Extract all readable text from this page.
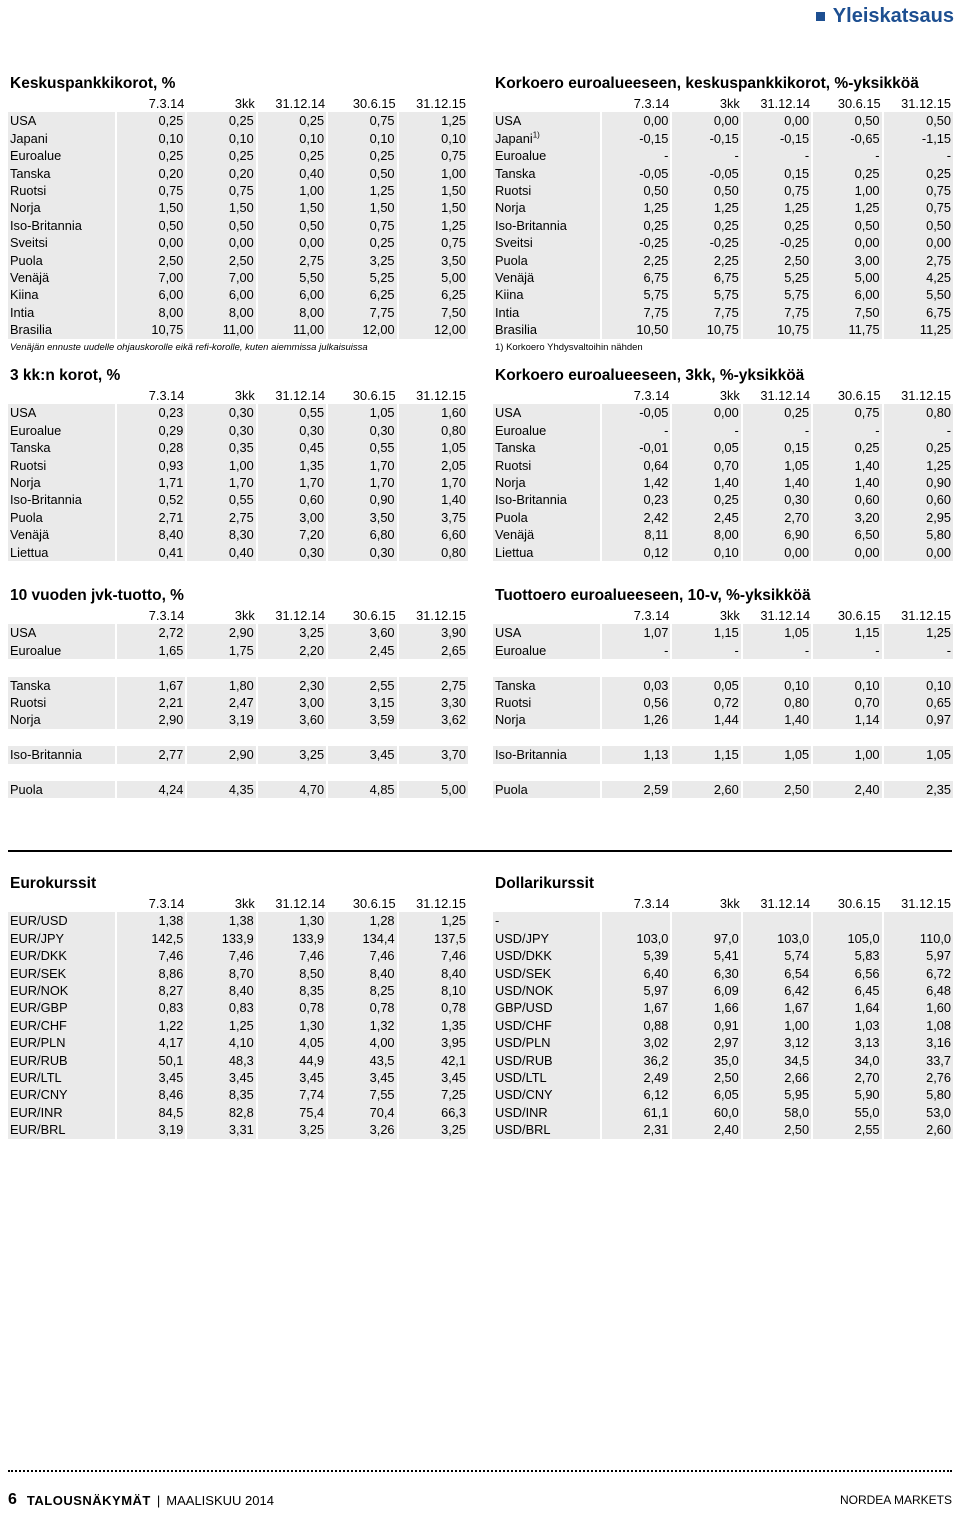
Yleiskatsaus
Keskuspankkikorot, %
	7.3.14	3kk	31.12.14	30.6.15	31.12.15
USA	0,25	0,25	0,25	0,75	1,25
Japani	0,10	0,10	0,10	0,10	0,10
Euroalue	0,25	0,25	0,25	0,25	0,75
Tanska	0,20	0,20	0,40	0,50	1,00
Ruotsi	0,75	0,75	1,00	1,25	1,50
Norja	1,50	1,50	1,50	1,50	1,50
Iso-Britannia	0,50	0,50	0,50	0,75	1,25
Sveitsi	0,00	0,00	0,00	0,25	0,75
Puola	2,50	2,50	2,75	3,25	3,50
Venäjä	7,00	7,00	5,50	5,25	5,00
Kiina	6,00	6,00	6,00	6,25	6,25
Intia	8,00	8,00	8,00	7,75	7,50
Brasilia	10,75	11,00	11,00	12,00	12,00
Venäjän ennuste uudelle ohjauskorolle eikä refi-korolle, kuten aiemmissa julkaisuissa
3 kk:n korot, %
	7.3.14	3kk	31.12.14	30.6.15	31.12.15
USA	0,23	0,30	0,55	1,05	1,60
Euroalue	0,29	0,30	0,30	0,30	0,80
Tanska	0,28	0,35	0,45	0,55	1,05
Ruotsi	0,93	1,00	1,35	1,70	2,05
Norja	1,71	1,70	1,70	1,70	1,70
Iso-Britannia	0,52	0,55	0,60	0,90	1,40
Puola	2,71	2,75	3,00	3,50	3,75
Venäjä	8,40	8,30	7,20	6,80	6,60
Liettua	0,41	0,40	0,30	0,30	0,80
10 vuoden jvk-tuotto, %
	7.3.14	3kk	31.12.14	30.6.15	31.12.15
USA	2,72	2,90	3,25	3,60	3,90
Euroalue	1,65	1,75	2,20	2,45	2,65

Tanska	1,67	1,80	2,30	2,55	2,75
Ruotsi	2,21	2,47	3,00	3,15	3,30
Norja	2,90	3,19	3,60	3,59	3,62

Iso-Britannia	2,77	2,90	3,25	3,45	3,70

Puola	4,24	4,35	4,70	4,85	5,00
Korkoero euroalueeseen, keskuspankkikorot, %-yksikköä
	7.3.14	3kk	31.12.14	30.6.15	31.12.15
USA	0,00	0,00	0,00	0,50	0,50
Japani$^{1)}$	-0,15	-0,15	-0,15	-0,65	-1,15
Euroalue	-	-	-	-	-
Tanska	-0,05	-0,05	0,15	0,25	0,25
Ruotsi	0,50	0,50	0,75	1,00	0,75
Norja	1,25	1,25	1,25	1,25	0,75
Iso-Britannia	0,25	0,25	0,25	0,50	0,50
Sveitsi	-0,25	-0,25	-0,25	0,00	0,00
Puola	2,25	2,25	2,50	3,00	2,75
Venäjä	6,75	6,75	5,25	5,00	4,25
Kiina	5,75	5,75	5,75	6,00	5,50
Intia	7,75	7,75	7,75	7,50	6,75
Brasilia	10,50	10,75	10,75	11,75	11,25
1) Korkoero Yhdysvaltoihin nähden
Korkoero euroalueeseen, 3kk, %-yksikköä
	7.3.14	3kk	31.12.14	30.6.15	31.12.15
USA	-0,05	0,00	0,25	0,75	0,80
Euroalue	-	-	-	-	-
Tanska	-0,01	0,05	0,15	0,25	0,25
Ruotsi	0,64	0,70	1,05	1,40	1,25
Norja	1,42	1,40	1,40	1,40	0,90
Iso-Britannia	0,23	0,25	0,30	0,60	0,60
Puola	2,42	2,45	2,70	3,20	2,95
Venäjä	8,11	8,00	6,90	6,50	5,80
Liettua	0,12	0,10	0,00	0,00	0,00
Tuottoero euroalueeseen, 10-v, %-yksikköä
	7.3.14	3kk	31.12.14	30.6.15	31.12.15
USA	1,07	1,15	1,05	1,15	1,25
Euroalue	-	-	-	-	-

Tanska	0,03	0,05	0,10	0,10	0,10
Ruotsi	0,56	0,72	0,80	0,70	0,65
Norja	1,26	1,44	1,40	1,14	0,97

Iso-Britannia	1,13	1,15	1,05	1,00	1,05

Puola	2,59	2,60	2,50	2,40	2,35
Eurokurssit
	7.3.14	3kk	31.12.14	30.6.15	31.12.15
EUR/USD	1,38	1,38	1,30	1,28	1,25
EUR/JPY	142,5	133,9	133,9	134,4	137,5
EUR/DKK	7,46	7,46	7,46	7,46	7,46
EUR/SEK	8,86	8,70	8,50	8,40	8,40
EUR/NOK	8,27	8,40	8,35	8,25	8,10
EUR/GBP	0,83	0,83	0,78	0,78	0,78
EUR/CHF	1,22	1,25	1,30	1,32	1,35
EUR/PLN	4,17	4,10	4,05	4,00	3,95
EUR/RUB	50,1	48,3	44,9	43,5	42,1
EUR/LTL	3,45	3,45	3,45	3,45	3,45
EUR/CNY	8,46	8,35	7,74	7,55	7,25
EUR/INR	84,5	82,8	75,4	70,4	66,3
EUR/BRL	3,19	3,31	3,25	3,26	3,25
Dollarikurssit
	7.3.14	3kk	31.12.14	30.6.15	31.12.15
-					
USD/JPY	103,0	97,0	103,0	105,0	110,0
USD/DKK	5,39	5,41	5,74	5,83	5,97
USD/SEK	6,40	6,30	6,54	6,56	6,72
USD/NOK	5,97	6,09	6,42	6,45	6,48
GBP/USD	1,67	1,66	1,67	1,64	1,60
USD/CHF	0,88	0,91	1,00	1,03	1,08
USD/PLN	3,02	2,97	3,12	3,13	3,16
USD/RUB	36,2	35,0	34,5	34,0	33,7
USD/LTL	2,49	2,50	2,66	2,70	2,76
USD/CNY	6,12	6,05	5,95	5,90	5,80
USD/INR	61,1	60,0	58,0	55,0	53,0
USD/BRL	2,31	2,40	2,50	2,55	2,60
6 TALOUSNÄKYMÄT | MAALISKUU 2014	NORDEA MARKETS
